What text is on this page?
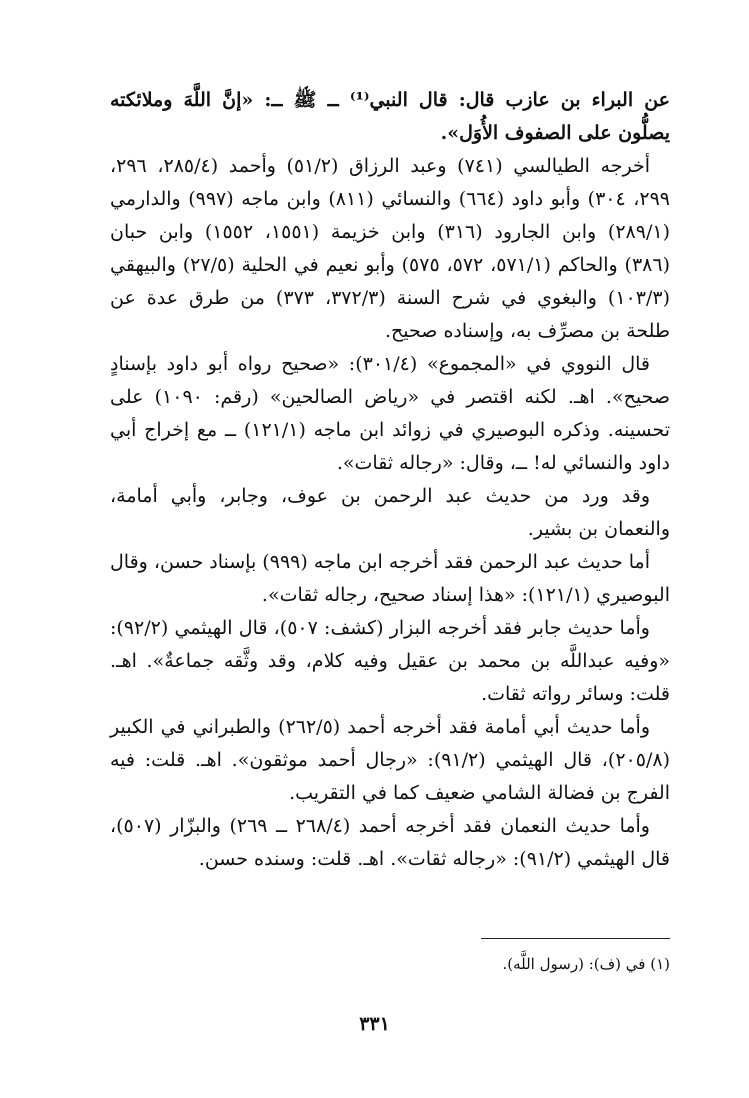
عن البراء بن عازب قال: قال النبي⁽¹⁾ ــ ﷺ ــ: «إنَّ اللَّهَ وملائكته يصلُّون على الصفوف الأُوَل».

أخرجه الطيالسي (٧٤١) وعبد الرزاق (٥١/٢) وأحمد (٢٨٥/٤، ٢٩٦، ٢٩٩، ٣٠٤) وأبو داود (٦٦٤) والنسائي (٨١١) وابن ماجه (٩٩٧) والدارمي (٢٨٩/١) وابن الجارود (٣١٦) وابن خزيمة (١٥٥١، ١٥٥٢) وابن حبان (٣٨٦) والحاكم (٥٧١/١، ٥٧٢، ٥٧٥) وأبو نعيم في الحلية (٢٧/٥) والبيهقي (١٠٣/٣) والبغوي في شرح السنة (٣٧٢/٣، ٣٧٣) من طرق عدة عن طلحة بن مصرِّف به، وإسناده صحيح.

قال النووي في «المجموع» (٣٠١/٤): «صحيح رواه أبو داود بإسنادٍ صحيح». اهـ. لكنه اقتصر في «رياض الصالحين» (رقم: ١٠٩٠) على تحسينه. وذكره البوصيري في زوائد ابن ماجه (١٢١/١) ــ مع إخراج أبي داود والنسائي له! ــ، وقال: «رجاله ثقات».

وقد ورد من حديث عبد الرحمن بن عوف، وجابر، وأبي أمامة، والنعمان بن بشير.

أما حديث عبد الرحمن فقد أخرجه ابن ماجه (٩٩٩) بإسناد حسن، وقال البوصيري (١٢١/١): «هذا إسناد صحيح، رجاله ثقات».

وأما حديث جابر فقد أخرجه البزار (كشف: ٥٠٧)، قال الهيثمي (٩٢/٢): «وفيه عبداللَّه بن محمد بن عقيل وفيه كلام، وقد وثَّقه جماعةٌ». اهـ. قلت: وسائر رواته ثقات.

وأما حديث أبي أمامة فقد أخرجه أحمد (٢٦٢/٥) والطبراني في الكبير (٢٠٥/٨)، قال الهيثمي (٩١/٢): «رجال أحمد موثقون». اهـ. قلت: فيه الفرج بن فضالة الشامي ضعيف كما في التقريب.

وأما حديث النعمان فقد أخرجه أحمد (٢٦٨/٤ ــ ٢٦٩) والبزّار (٥٠٧)، قال الهيثمي (٩١/٢): «رجاله ثقات». اهـ. قلت: وسنده حسن.

(١) في (ف): (رسول اللَّه).
٣٣١
